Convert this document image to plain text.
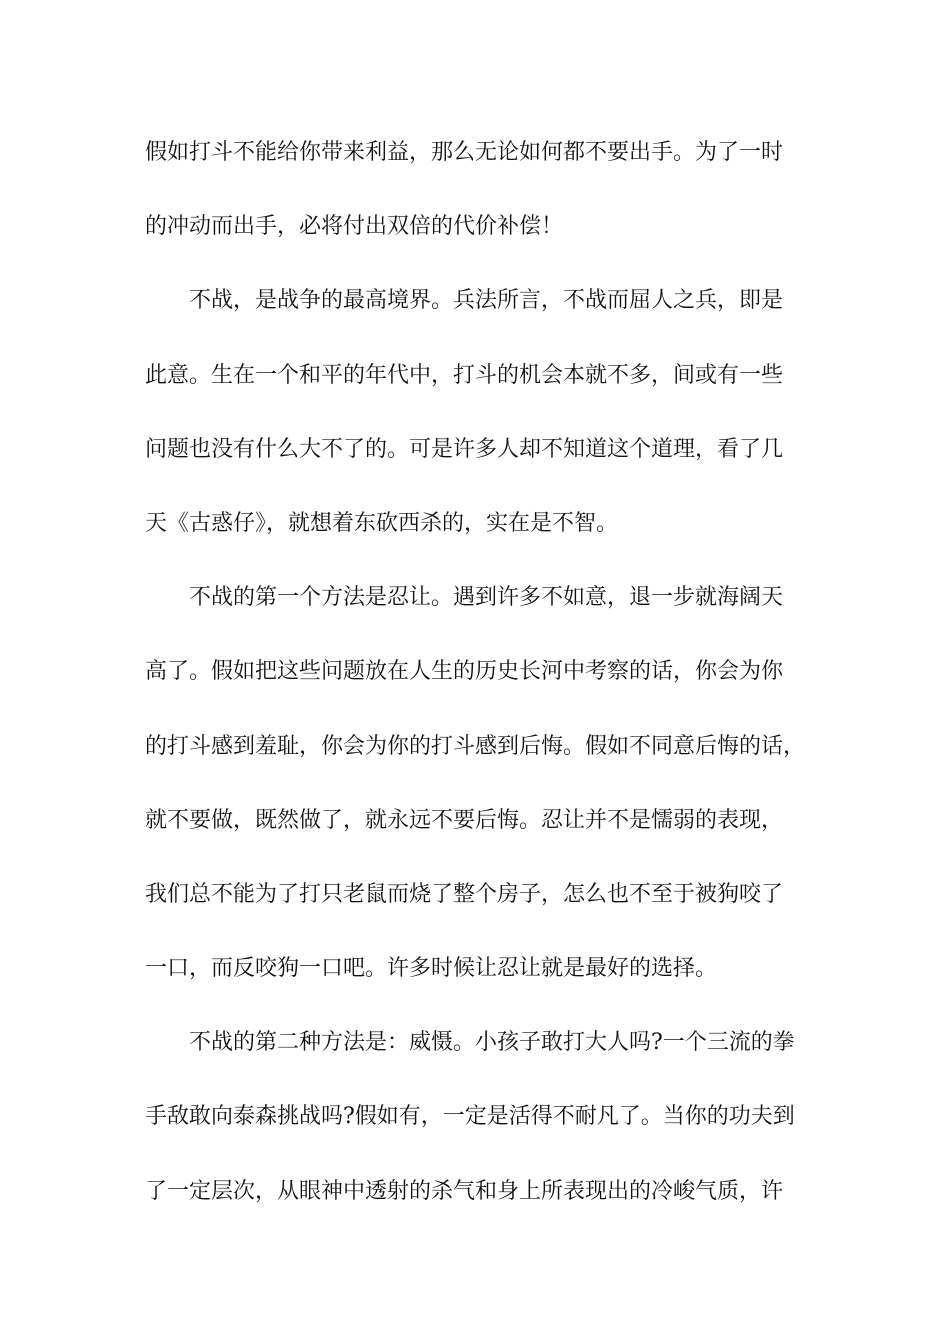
假如打斗不能给你带来利益，那么无论如何都不要出手。为了一时
的冲动而出手，必将付出双倍的代价补偿！
不战，是战争的最高境界。兵法所言，不战而屈人之兵，即是
此意。生在一个和平的年代中，打斗的机会本就不多，间或有一些
问题也没有什么大不了的。可是许多人却不知道这个道理，看了几
天《古惑仔》，就想着东砍西杀的，实在是不智。
不战的第一个方法是忍让。遇到许多不如意，退一步就海阔天
高了。假如把这些问题放在人生的历史长河中考察的话，你会为你
的打斗感到羞耻，你会为你的打斗感到后悔。假如不同意后悔的话，
就不要做，既然做了，就永远不要后悔。忍让并不是懦弱的表现，
我们总不能为了打只老鼠而烧了整个房子，怎么也不至于被狗咬了
一口，而反咬狗一口吧。许多时候让忍让就是最好的选择。
不战的第二种方法是：威慑。小孩子敢打大人吗?一个三流的拳
手敌敢向泰森挑战吗?假如有，一定是活得不耐凡了。当你的功夫到
了一定层次，从眼神中透射的杀气和身上所表现出的冷峻气质，许
